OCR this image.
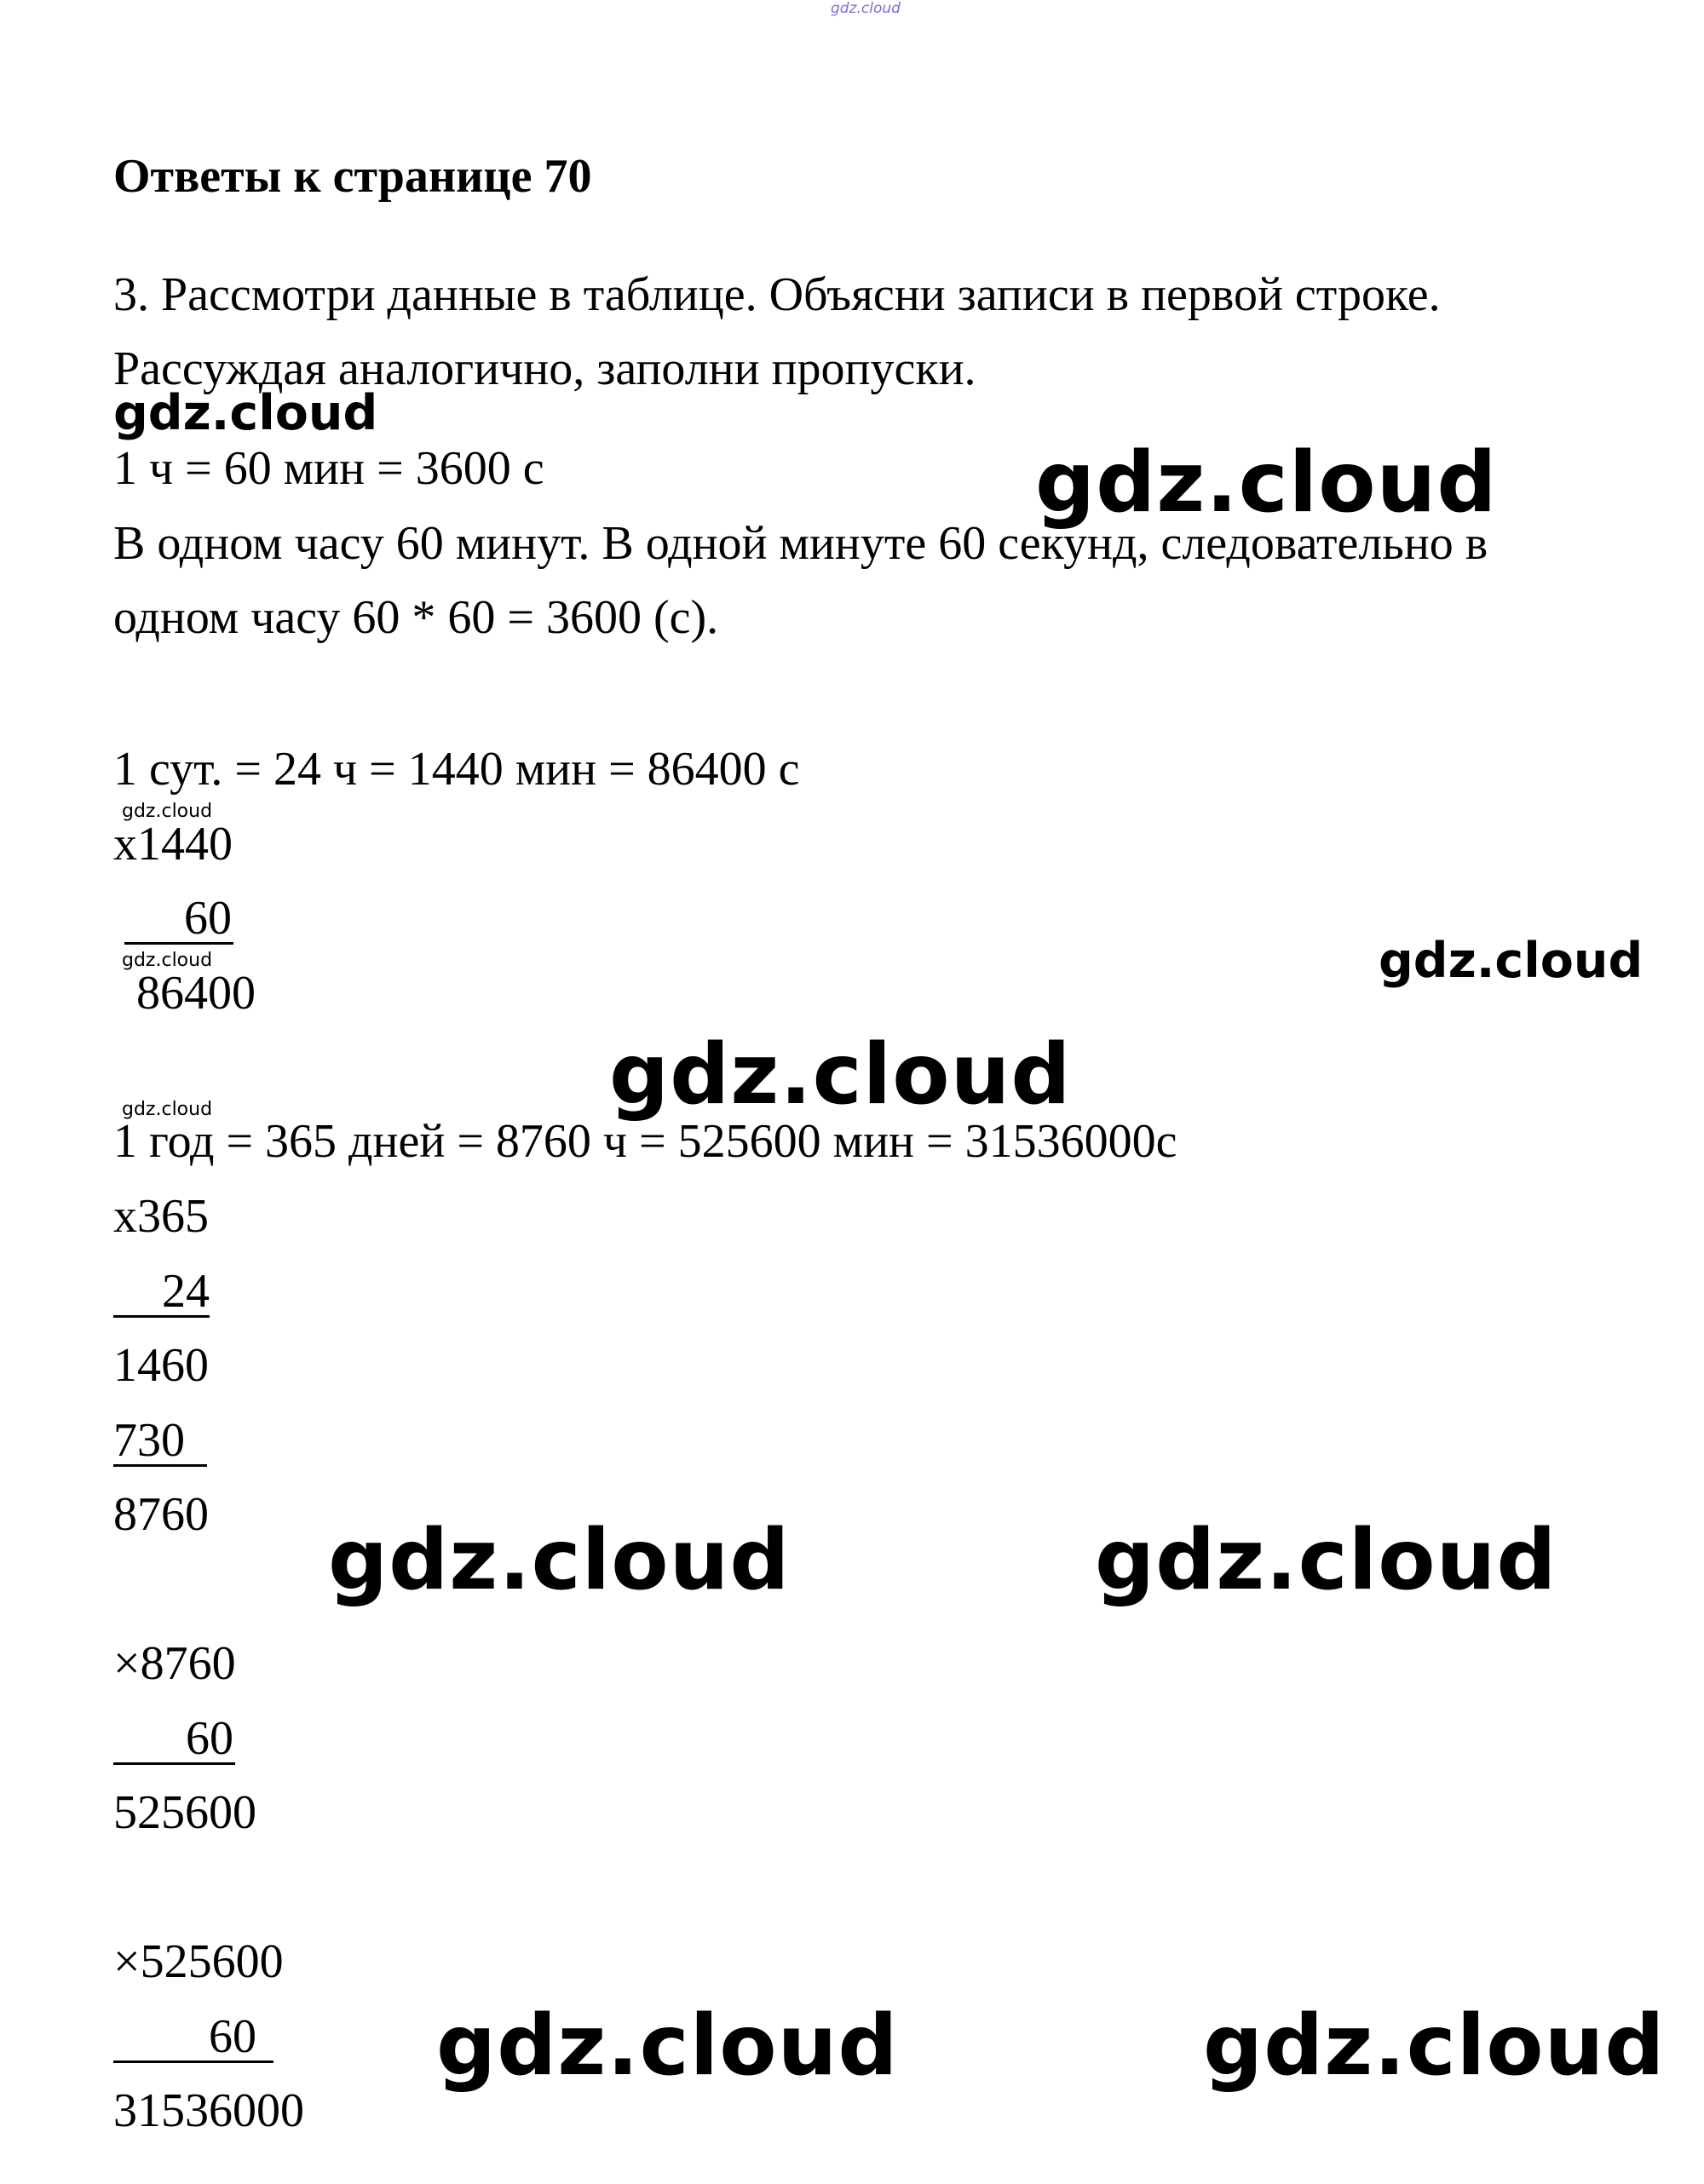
gdz.cloud
gdz.cloud
gdz.cloud
gdz.cloud
gdz.cloud	gdz.cloud
gdz.cloud
gdz.cloud
gdz.cloud	gdz.cloud
gdz.cloud	gdz.cloud
Ответы к странице 70
3. Рассмотри данные в таблице. Объясни записи в первой строке.
Рассуждая аналогично, заполни пропуски.
1 ч = 60 мин = 3600 с
В одном часу 60 минут. В одной минуте 60 секунд, следовательно в
одном часу 60 * 60 = 3600 (с).
1 сут. = 24 ч = 1440 мин = 86400 с
x1440
60
86400
1 год = 365 дней = 8760 ч = 525600 мин = 31536000с
x365
24
1460
730
8760
×8760
60
525600
×525600
60
31536000
